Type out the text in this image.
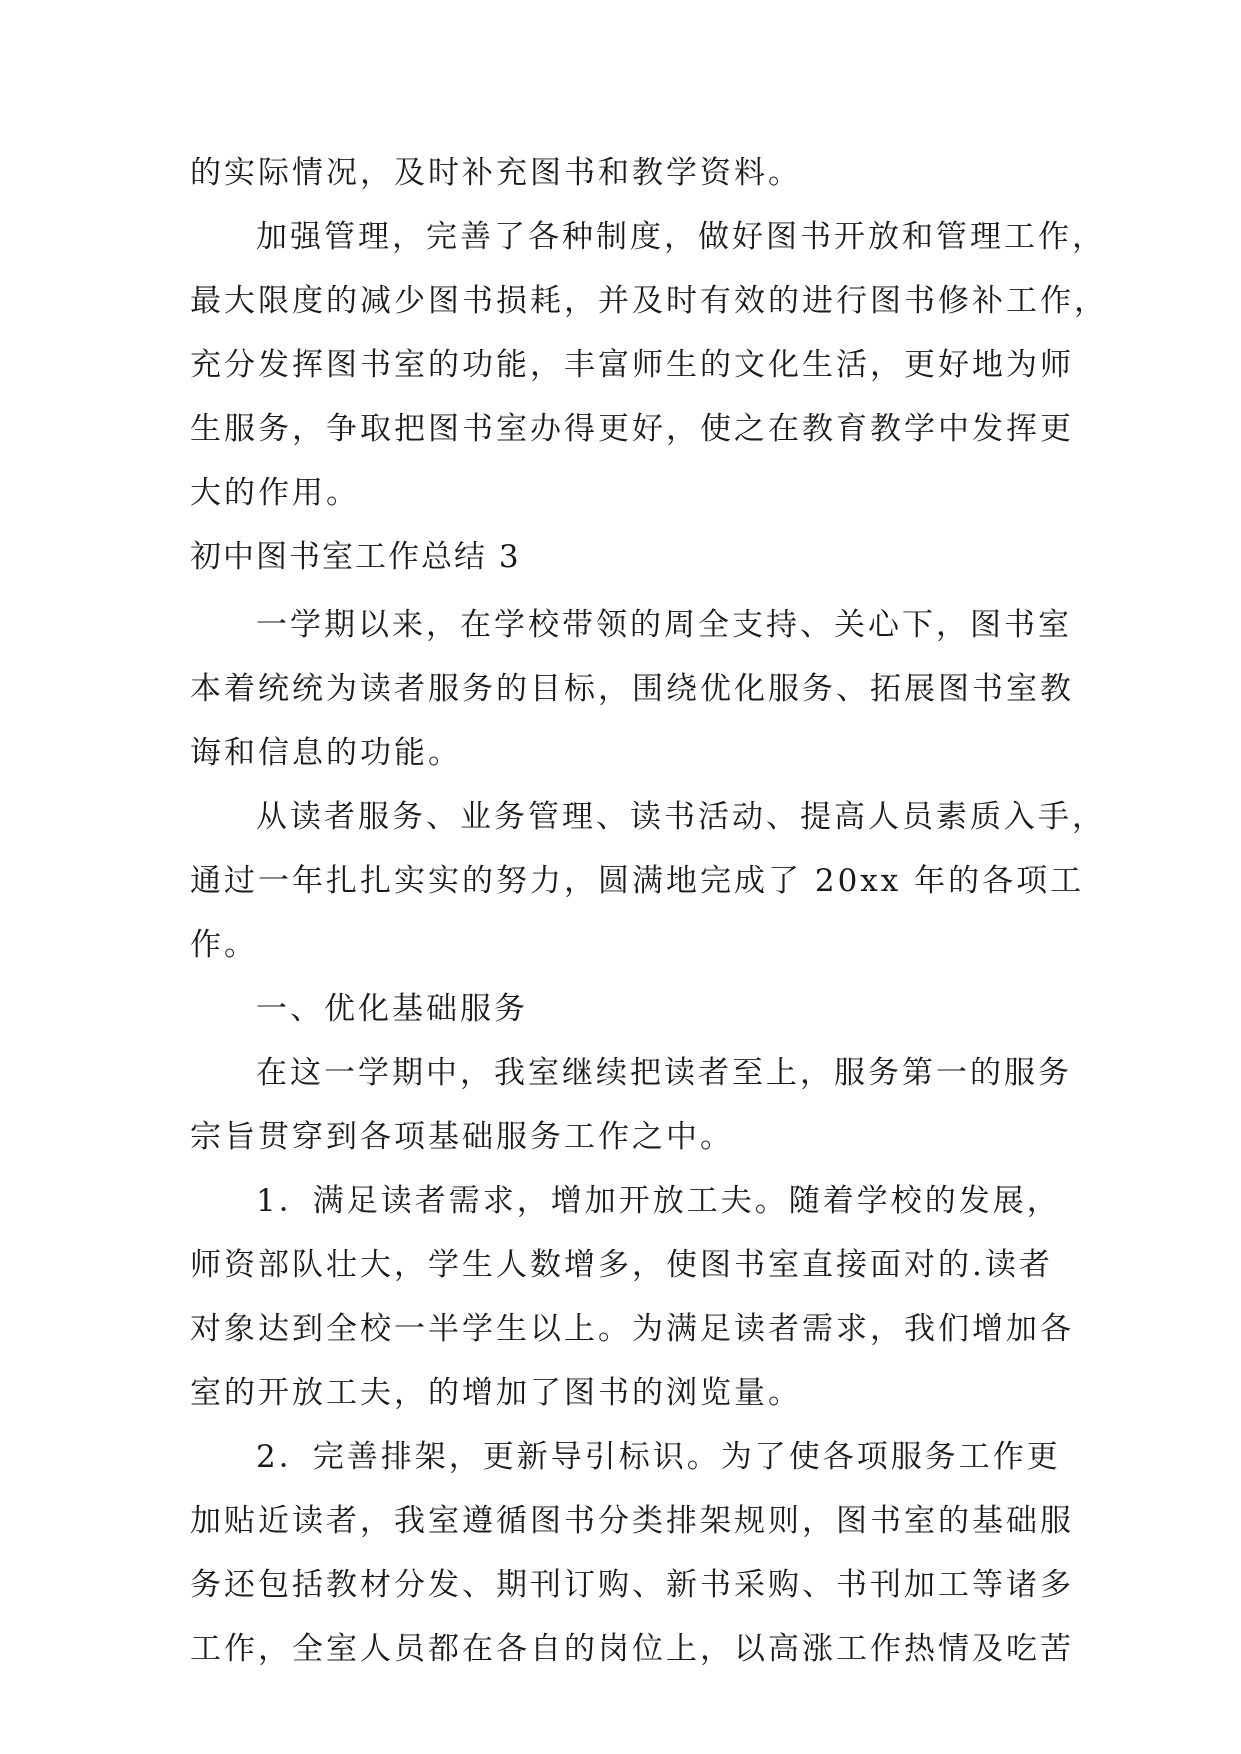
的实际情况，及时补充图书和教学资料。
加强管理，完善了各种制度，做好图书开放和管理工作，
最大限度的减少图书损耗，并及时有效的进行图书修补工作，
充分发挥图书室的功能，丰富师生的文化生活，更好地为师
生服务，争取把图书室办得更好，使之在教育教学中发挥更
大的作用。
初中图书室工作总结 3
一学期以来，在学校带领的周全支持、关心下，图书室
本着统统为读者服务的目标，围绕优化服务、拓展图书室教
诲和信息的功能。
从读者服务、业务管理、读书活动、提高人员素质入手，
通过一年扎扎实实的努力，圆满地完成了 20xx 年的各项工
作。
一、优化基础服务
在这一学期中，我室继续把读者至上，服务第一的服务
宗旨贯穿到各项基础服务工作之中。
1．满足读者需求，增加开放工夫。随着学校的发展，
师资部队壮大，学生人数增多，使图书室直接面对的.读者
对象达到全校一半学生以上。为满足读者需求，我们增加各
室的开放工夫，的增加了图书的浏览量。
2．完善排架，更新导引标识。为了使各项服务工作更
加贴近读者，我室遵循图书分类排架规则，图书室的基础服
务还包括教材分发、期刊订购、新书采购、书刊加工等诸多
工作，全室人员都在各自的岗位上，以高涨工作热情及吃苦
